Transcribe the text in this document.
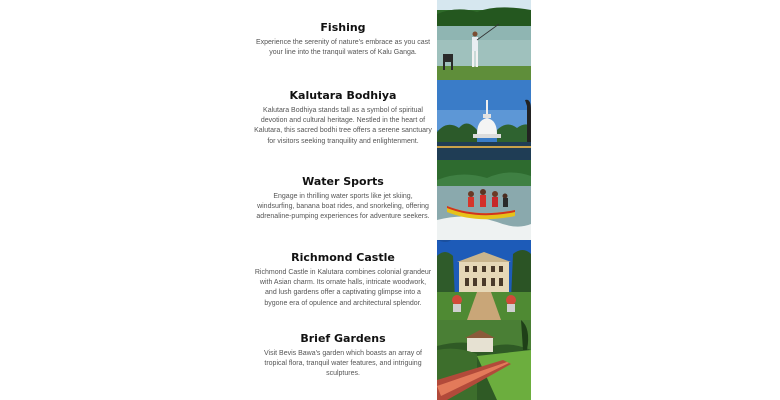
Fishing

Experience the serenity of nature's embrace as you cast your line into the tranquil waters of Kalu Ganga.

Kalutara Bodhiya

Kalutara Bodhiya stands tall as a symbol of spiritual devotion and cultural heritage. Nestled in the heart of Kalutara, this sacred bodhi tree offers a serene sanctuary for visitors seeking tranquility and enlightenment.

Water Sports

Engage in thrilling water sports like jet skiing, windsurfing, banana boat rides, and snorkeling, offering adrenaline-pumping experiences for adventure seekers.

Richmond Castle

Richmond Castle in Kalutara combines colonial grandeur with Asian charm. Its ornate halls, intricate woodwork, and lush gardens offer a captivating glimpse into a bygone era of opulence and architectural splendor.

Brief Gardens

Visit Bevis Bawa's garden which boasts an array of tropical flora, tranquil water features, and intriguing sculptures.
